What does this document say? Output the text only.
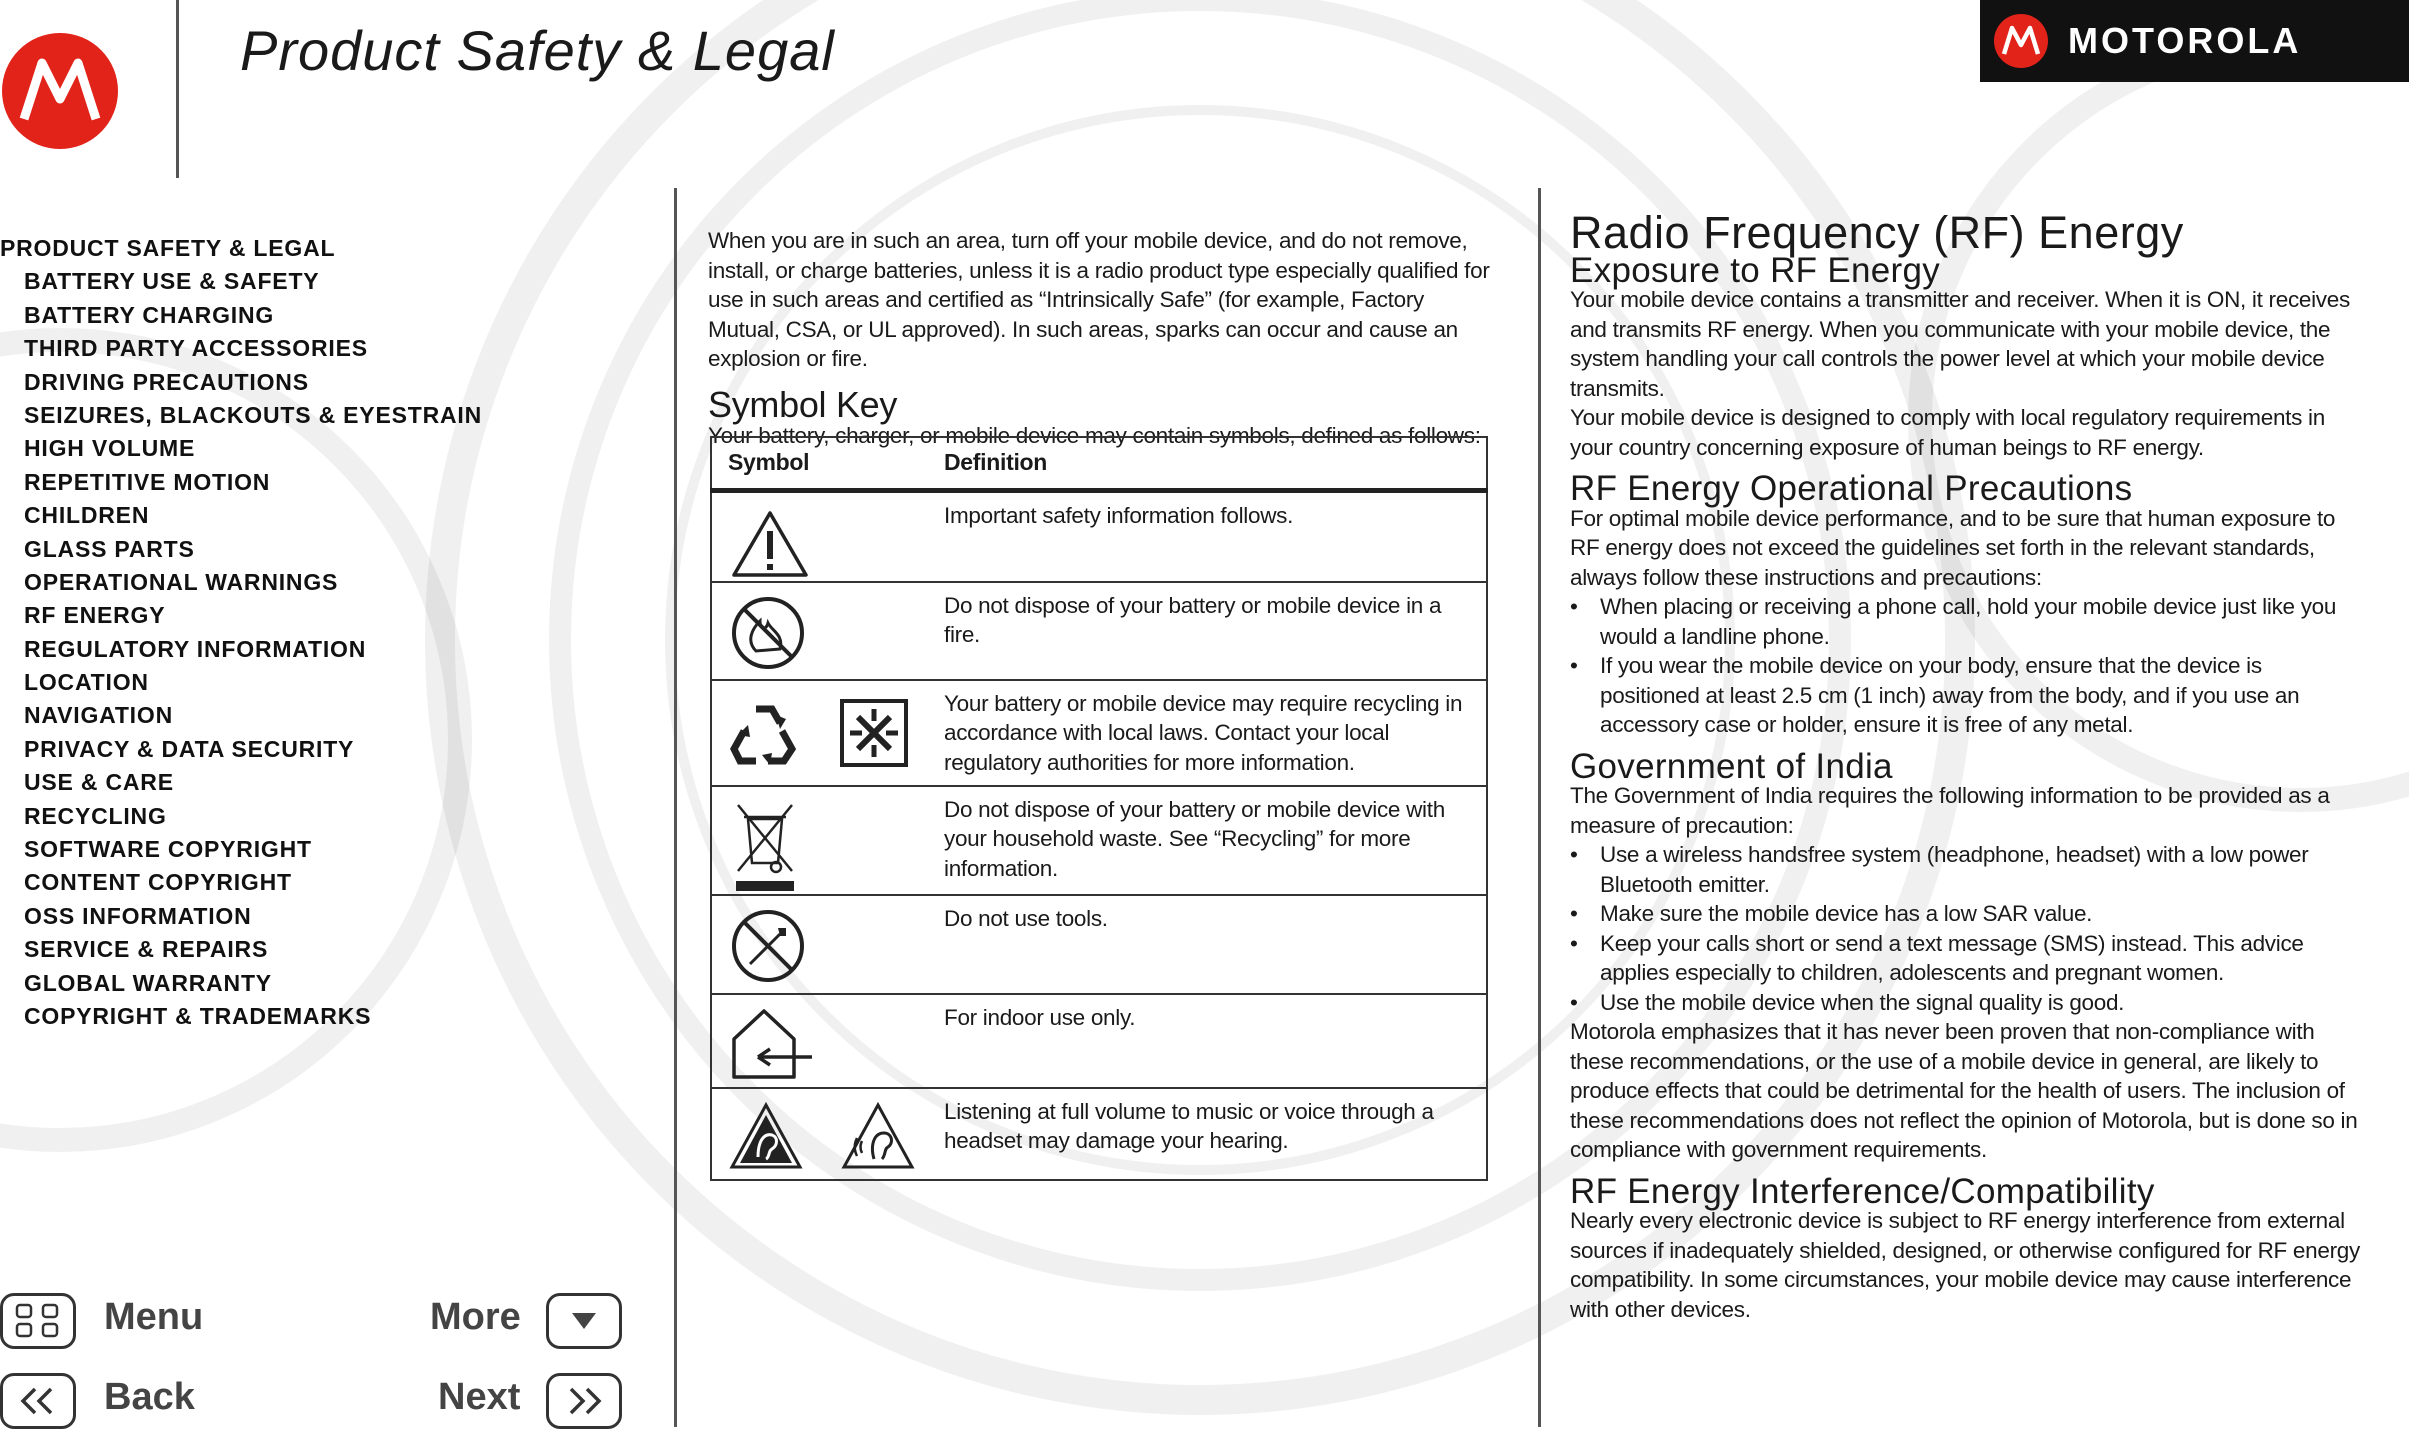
Product Safety & Legal	MOTOROLA
PRODUCT SAFETY & LEGAL
BATTERY USE & SAFETY
BATTERY CHARGING
THIRD PARTY ACCESSORIES
DRIVING PRECAUTIONS
SEIZURES, BLACKOUTS & EYESTRAIN
HIGH VOLUME
REPETITIVE MOTION
CHILDREN
GLASS PARTS
OPERATIONAL WARNINGS
RF ENERGY
REGULATORY INFORMATION
LOCATION
NAVIGATION
PRIVACY & DATA SECURITY
USE & CARE
RECYCLING
SOFTWARE COPYRIGHT
CONTENT COPYRIGHT
OSS INFORMATION
SERVICE & REPAIRS
GLOBAL WARRANTY
COPYRIGHT & TRADEMARKS
Menu	More
Back	Next

When you are in such an area, turn off your mobile device, and do not remove, install, or charge batteries, unless it is a radio product type especially qualified for use in such areas and certified as “Intrinsically Safe” (for example, Factory Mutual, CSA, or UL approved). In such areas, sparks can occur and cause an explosion or fire.

Symbol Key

Your battery, charger, or mobile device may contain symbols, defined as follows:

Symbol	Definition

	Important safety information follows.

	Do not dispose of your battery or mobile device in a fire.

	Your battery or mobile device may require recycling in accordance with local laws. Contact your local regulatory authorities for more information.

	Do not dispose of your battery or mobile device with your household waste. See “Recycling” for more information.

	Do not use tools.

	For indoor use only.

	Listening at full volume to music or voice through a headset may damage your hearing.
Radio Frequency (RF) Energy
Exposure to RF Energy

Your mobile device contains a transmitter and receiver. When it is ON, it receives and transmits RF energy. When you communicate with your mobile device, the system handling your call controls the power level at which your mobile device transmits.

Your mobile device is designed to comply with local regulatory requirements in your country concerning exposure of human beings to RF energy.

RF Energy Operational Precautions

For optimal mobile device performance, and to be sure that human exposure to RF energy does not exceed the guidelines set forth in the relevant standards, always follow these instructions and precautions:

• When placing or receiving a phone call, hold your mobile device just like you would a landline phone.

• If you wear the mobile device on your body, ensure that the device is positioned at least 2.5 cm (1 inch) away from the body, and if you use an accessory case or holder, ensure it is free of any metal.

Government of India

The Government of India requires the following information to be provided as a measure of precaution:

• Use a wireless handsfree system (headphone, headset) with a low power Bluetooth emitter.

• Make sure the mobile device has a low SAR value.

• Keep your calls short or send a text message (SMS) instead. This advice applies especially to children, adolescents and pregnant women.

• Use the mobile device when the signal quality is good.

Motorola emphasizes that it has never been proven that non-compliance with these recommendations, or the use of a mobile device in general, are likely to produce effects that could be detrimental for the health of users. The inclusion of these recommendations does not reflect the opinion of Motorola, but is done so in compliance with government requirements.

RF Energy Interference/Compatibility

Nearly every electronic device is subject to RF energy interference from external sources if inadequately shielded, designed, or otherwise configured for RF energy compatibility. In some circumstances, your mobile device may cause interference with other devices.
